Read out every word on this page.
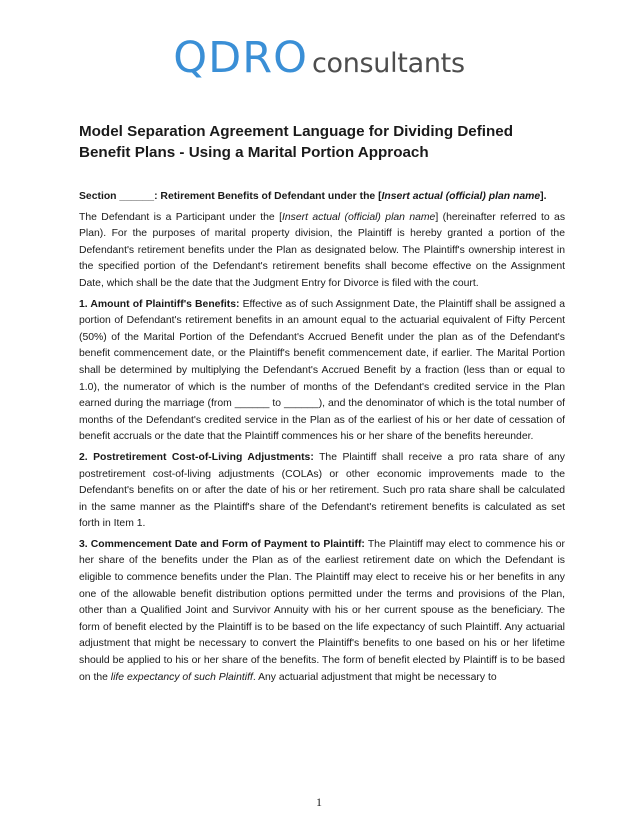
QDRO consultants
Model Separation Agreement Language for Dividing Defined
Benefit Plans - Using a Marital Portion Approach

Section ______: Retirement Benefits of Defendant under the [Insert actual (official) plan name].

The Defendant is a Participant under the [Insert actual (official) plan name] (hereinafter referred to as Plan). For the purposes of marital property division, the Plaintiff is hereby granted a portion of the Defendant's retirement benefits under the Plan as designated below. The Plaintiff's ownership interest in the specified portion of the Defendant's retirement benefits shall become effective on the Assignment Date, which shall be the date that the Judgment Entry for Divorce is filed with the court.

1. Amount of Plaintiff's Benefits: Effective as of such Assignment Date, the Plaintiff shall be assigned a portion of Defendant's retirement benefits in an amount equal to the actuarial equivalent of Fifty Percent (50%) of the Marital Portion of the Defendant's Accrued Benefit under the plan as of the Defendant's benefit commencement date, or the Plaintiff's benefit commencement date, if earlier. The Marital Portion shall be determined by multiplying the Defendant's Accrued Benefit by a fraction (less than or equal to 1.0), the numerator of which is the number of months of the Defendant's credited service in the Plan earned during the marriage (from ______ to ______), and the denominator of which is the total number of months of the Defendant's credited service in the Plan as of the earliest of his or her date of cessation of benefit accruals or the date that the Plaintiff commences his or her share of the benefits hereunder.

2. Postretirement Cost-of-Living Adjustments: The Plaintiff shall receive a pro rata share of any postretirement cost-of-living adjustments (COLAs) or other economic improvements made to the Defendant's benefits on or after the date of his or her retirement. Such pro rata share shall be calculated in the same manner as the Plaintiff's share of the Defendant's retirement benefits is calculated as set forth in Item 1.

3. Commencement Date and Form of Payment to Plaintiff: The Plaintiff may elect to commence his or her share of the benefits under the Plan as of the earliest retirement date on which the Defendant is eligible to commence benefits under the Plan. The Plaintiff may elect to receive his or her benefits in any one of the allowable benefit distribution options permitted under the terms and provisions of the Plan, other than a Qualified Joint and Survivor Annuity with his or her current spouse as the beneficiary. The form of benefit elected by the Plaintiff is to be based on the life expectancy of such Plaintiff. Any actuarial adjustment that might be necessary to convert the Plaintiff's benefits to one based on his or her lifetime should be applied to his or her share of the benefits. The form of benefit elected by Plaintiff is to be based on the life expectancy of such Plaintiff. Any actuarial adjustment that might be necessary to

1
